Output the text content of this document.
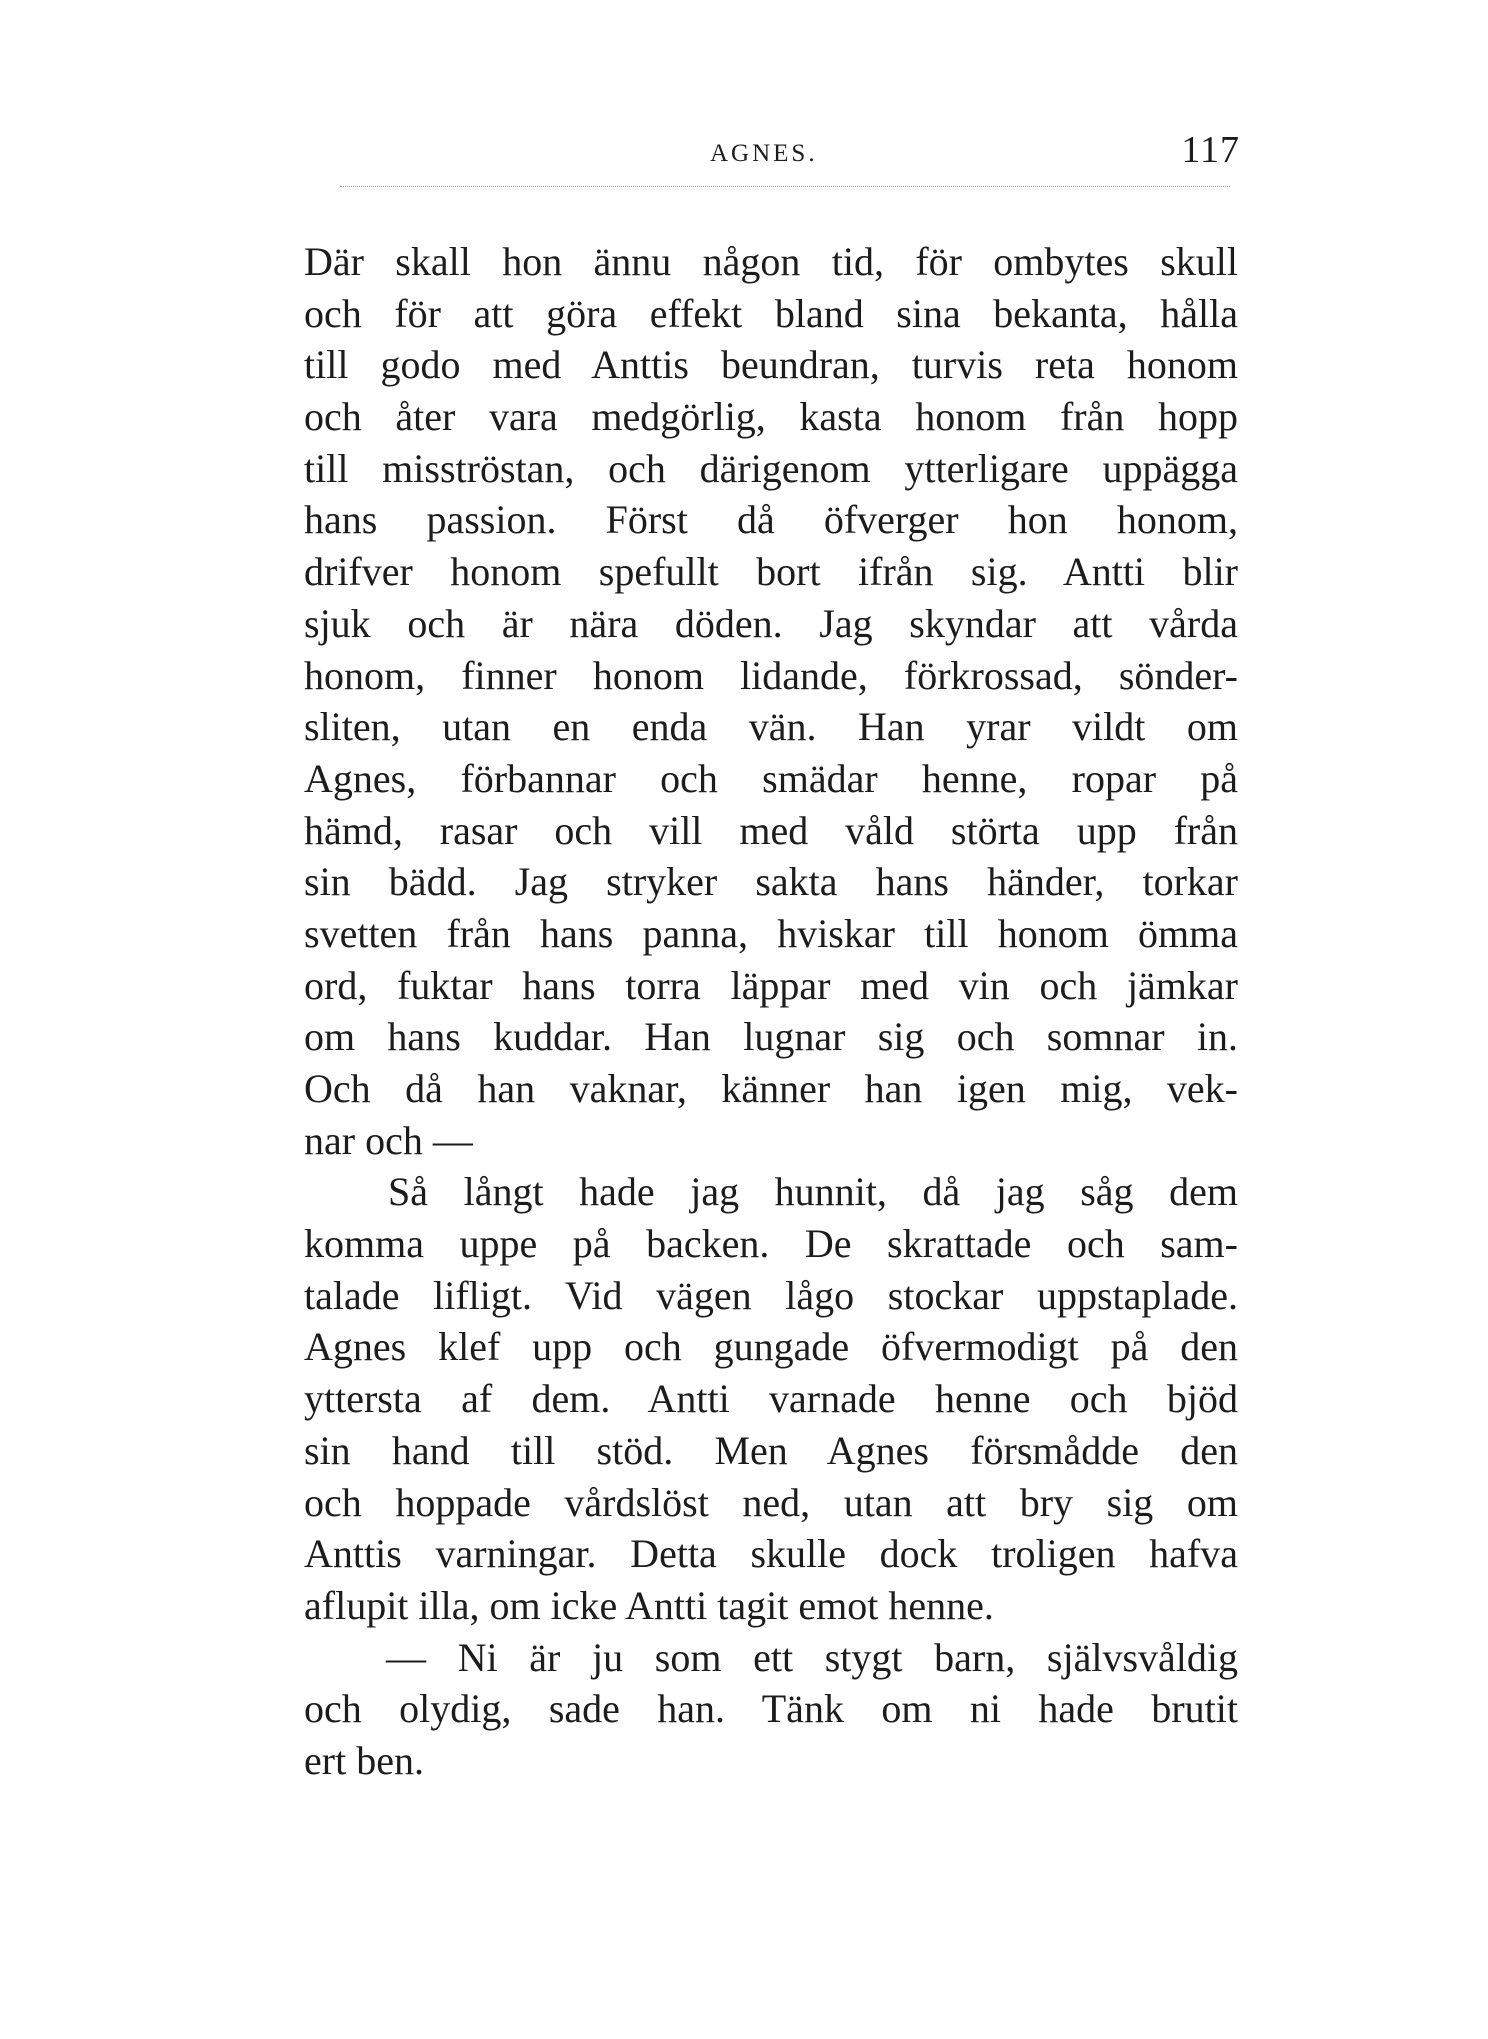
AGNES.	117
Där skall hon ännu någon tid, för ombytes skull
och för att göra effekt bland sina bekanta, hålla
till godo med Anttis beundran, turvis reta honom
och åter vara medgörlig, kasta honom från hopp
till misströstan, och därigenom ytterligare uppägga
hans passion. Först då öfverger hon honom,
drifver honom spefullt bort ifrån sig. Antti blir
sjuk och är nära döden. Jag skyndar att vårda
honom, finner honom lidande, förkrossad, sönder-
sliten, utan en enda vän. Han yrar vildt om
Agnes, förbannar och smädar henne, ropar på
hämd, rasar och vill med våld störta upp från
sin bädd. Jag stryker sakta hans händer, torkar
svetten från hans panna, hviskar till honom ömma
ord, fuktar hans torra läppar med vin och jämkar
om hans kuddar. Han lugnar sig och somnar in.
Och då han vaknar, känner han igen mig, vek-
nar och —
Så långt hade jag hunnit, då jag såg dem
komma uppe på backen. De skrattade och sam-
talade lifligt. Vid vägen lågo stockar uppstaplade.
Agnes klef upp och gungade öfvermodigt på den
yttersta af dem. Antti varnade henne och bjöd
sin hand till stöd. Men Agnes försmådde den
och hoppade vårdslöst ned, utan att bry sig om
Anttis varningar. Detta skulle dock troligen hafva
aflupit illa, om icke Antti tagit emot henne.
— Ni är ju som ett stygt barn, självsvåldig
och olydig, sade han. Tänk om ni hade brutit
ert ben.
